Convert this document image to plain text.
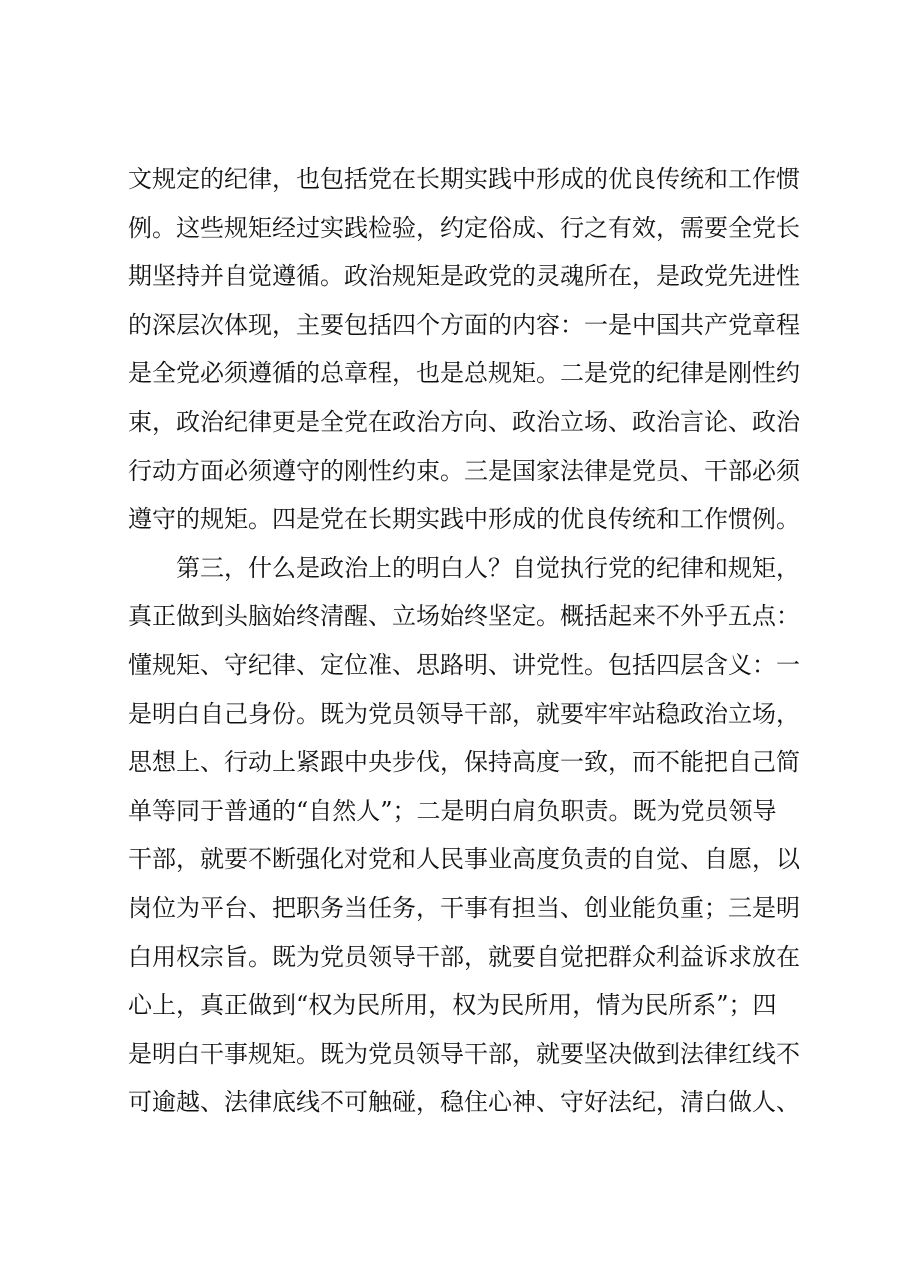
文规定的纪律，也包括党在长期实践中形成的优良传统和工作惯
例。这些规矩经过实践检验，约定俗成、行之有效，需要全党长
期坚持并自觉遵循。政治规矩是政党的灵魂所在，是政党先进性
的深层次体现，主要包括四个方面的内容：一是中国共产党章程
是全党必须遵循的总章程，也是总规矩。二是党的纪律是刚性约
束，政治纪律更是全党在政治方向、政治立场、政治言论、政治
行动方面必须遵守的刚性约束。三是国家法律是党员、干部必须
遵守的规矩。四是党在长期实践中形成的优良传统和工作惯例。
第三，什么是政治上的明白人？自觉执行党的纪律和规矩，
真正做到头脑始终清醒、立场始终坚定。概括起来不外乎五点：
懂规矩、守纪律、定位准、思路明、讲党性。包括四层含义：一
是明白自己身份。既为党员领导干部，就要牢牢站稳政治立场，
思想上、行动上紧跟中央步伐，保持高度一致，而不能把自己简
单等同于普通的“自然人”；二是明白肩负职责。既为党员领导
干部，就要不断强化对党和人民事业高度负责的自觉、自愿，以
岗位为平台、把职务当任务，干事有担当、创业能负重；三是明
白用权宗旨。既为党员领导干部，就要自觉把群众利益诉求放在
心上，真正做到“权为民所用，权为民所用，情为民所系”；四
是明白干事规矩。既为党员领导干部，就要坚决做到法律红线不
可逾越、法律底线不可触碰，稳住心神、守好法纪，清白做人、
